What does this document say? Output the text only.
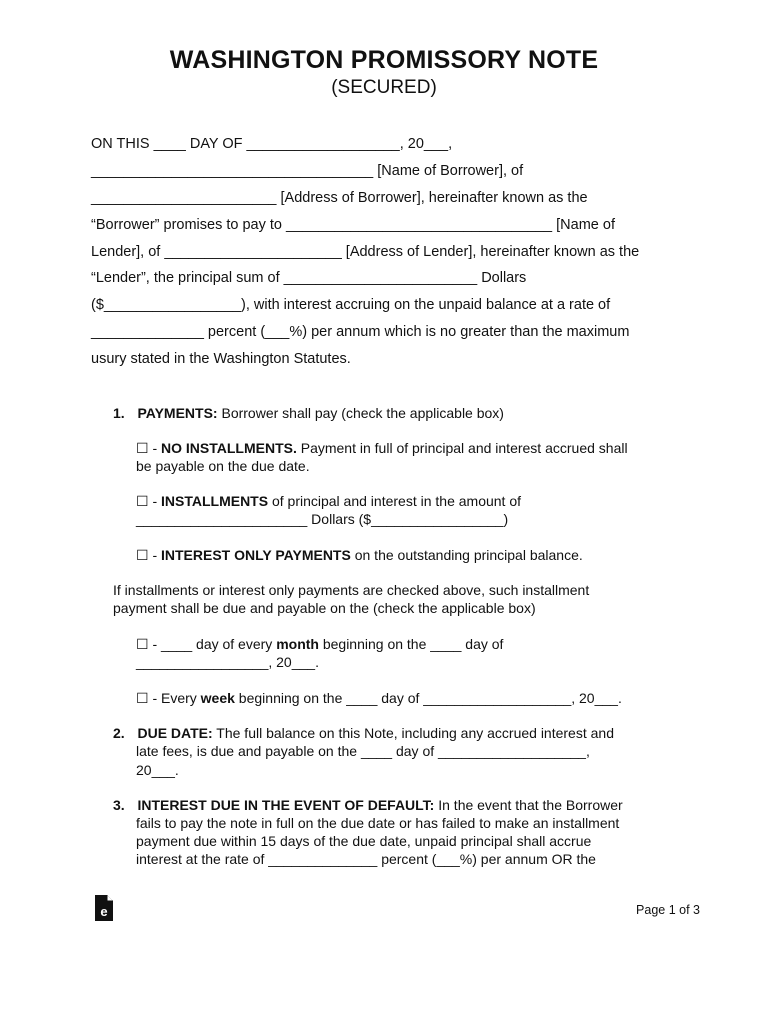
WASHINGTON PROMISSORY NOTE
(SECURED)
ON THIS ____ DAY OF ___________________, 20___,
___________________________________ [Name of Borrower], of
_______________________ [Address of Borrower], hereinafter known as the
“Borrower” promises to pay to _________________________________ [Name of
Lender], of ______________________ [Address of Lender], hereinafter known as the
“Lender”, the principal sum of ________________________ Dollars
($_________________), with interest accruing on the unpaid balance at a rate of
______________ percent (___%) per annum which is no greater than the maximum
usury stated in the Washington Statutes.
1. PAYMENTS: Borrower shall pay (check the applicable box)
☐ - NO INSTALLMENTS. Payment in full of principal and interest accrued shall
be payable on the due date.
☐ - INSTALLMENTS of principal and interest in the amount of
______________________ Dollars ($_________________)
☐ - INTEREST ONLY PAYMENTS on the outstanding principal balance.
If installments or interest only payments are checked above, such installment
payment shall be due and payable on the (check the applicable box)
☐ - ____ day of every month beginning on the ____ day of
_________________, 20___.
☐ - Every week beginning on the ____ day of ___________________, 20___.
2. DUE DATE: The full balance on this Note, including any accrued interest and
late fees, is due and payable on the ____ day of ___________________,
20___.
3. INTEREST DUE IN THE EVENT OF DEFAULT: In the event that the Borrower
fails to pay the note in full on the due date or has failed to make an installment
payment due within 15 days of the due date, unpaid principal shall accrue
interest at the rate of ______________ percent (___%) per annum OR the
e	Page 1 of 3
